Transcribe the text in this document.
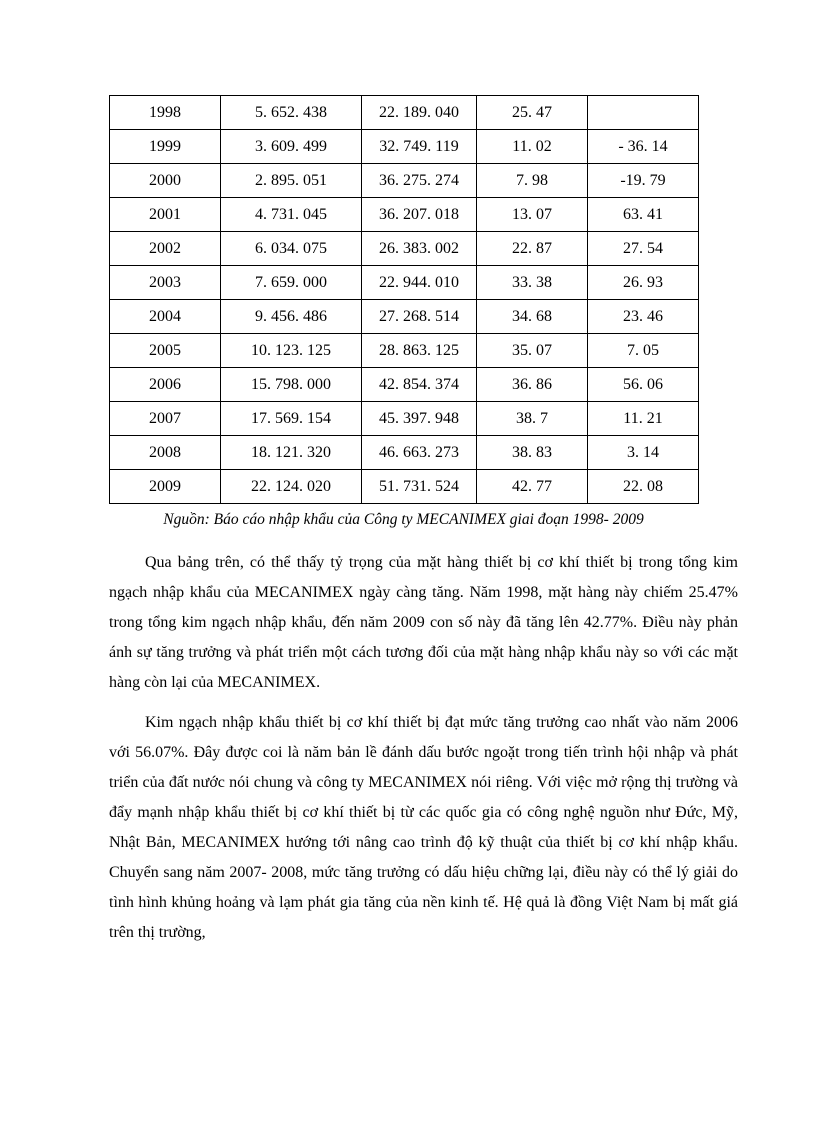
1998	5. 652. 438	22. 189. 040	25. 47	
1999	3. 609. 499	32. 749. 119	11. 02	- 36. 14
2000	2. 895. 051	36. 275. 274	7. 98	-19. 79
2001	4. 731. 045	36. 207. 018	13. 07	63. 41
2002	6. 034. 075	26. 383. 002	22. 87	27. 54
2003	7. 659. 000	22. 944. 010	33. 38	26. 93
2004	9. 456. 486	27. 268. 514	34. 68	23. 46
2005	10. 123. 125	28. 863. 125	35. 07	7. 05
2006	15. 798. 000	42. 854. 374	36. 86	56. 06
2007	17. 569. 154	45. 397. 948	38. 7	11. 21
2008	18. 121. 320	46. 663. 273	38. 83	3. 14
2009	22. 124. 020	51. 731. 524	42. 77	22. 08
Nguồn: Báo cáo nhập khẩu của Công ty MECANIMEX giai đoạn 1998- 2009

Qua bảng trên, có thể thấy tỷ trọng của mặt hàng thiết bị cơ khí thiết bị trong tổng kim ngạch nhập khẩu của MECANIMEX ngày càng tăng. Năm 1998, mặt hàng này chiếm 25.47% trong tổng kim ngạch nhập khẩu, đến năm 2009 con số này đã tăng lên 42.77%. Điều này phản ánh sự tăng trưởng và phát triển một cách tương đối của mặt hàng nhập khẩu này so với các mặt hàng còn lại của MECANIMEX.

Kim ngạch nhập khẩu thiết bị cơ khí thiết bị đạt mức tăng trưởng cao nhất vào năm 2006 với 56.07%. Đây được coi là năm bản lề đánh dấu bước ngoặt trong tiến trình hội nhập và phát triển của đất nước nói chung và công ty MECANIMEX nói riêng. Với việc mở rộng thị trường và đẩy mạnh nhập khẩu thiết bị cơ khí thiết bị từ các quốc gia có công nghệ nguồn như Đức, Mỹ, Nhật Bản, MECANIMEX hướng tới nâng cao trình độ kỹ thuật của thiết bị cơ khí nhập khẩu. Chuyển sang năm 2007- 2008, mức tăng trưởng có dấu hiệu chững lại, điều này có thể lý giải do tình hình khủng hoảng và lạm phát gia tăng của nền kinh tế. Hệ quả là đồng Việt Nam bị mất giá trên thị trường,
